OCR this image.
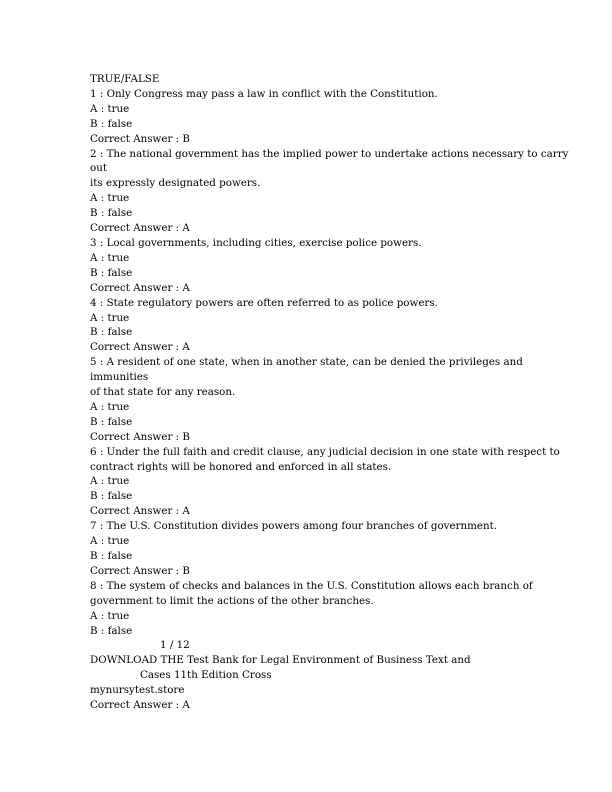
TRUE/FALSE
1 : Only Congress may pass a law in conflict with the Constitution.
A : true
B : false
Correct Answer : B
2 : The national government has the implied power to undertake actions necessary to carry
out
its expressly designated powers.
A : true
B : false
Correct Answer : A
3 : Local governments, including cities, exercise police powers.
A : true
B : false
Correct Answer : A
4 : State regulatory powers are often referred to as police powers.
A : true
B : false
Correct Answer : A
5 : A resident of one state, when in another state, can be denied the privileges and
immunities
of that state for any reason.
A : true
B : false
Correct Answer : B
6 : Under the full faith and credit clause, any judicial decision in one state with respect to
contract rights will be honored and enforced in all states.
A : true
B : false
Correct Answer : A
7 : The U.S. Constitution divides powers among four branches of government.
A : true
B : false
Correct Answer : B
8 : The system of checks and balances in the U.S. Constitution allows each branch of
government to limit the actions of the other branches.
A : true
B : false
1 / 12
DOWNLOAD THE Test Bank for Legal Environment of Business Text and
Cases 11th Edition Cross
mynursytest.store
Correct Answer : A
